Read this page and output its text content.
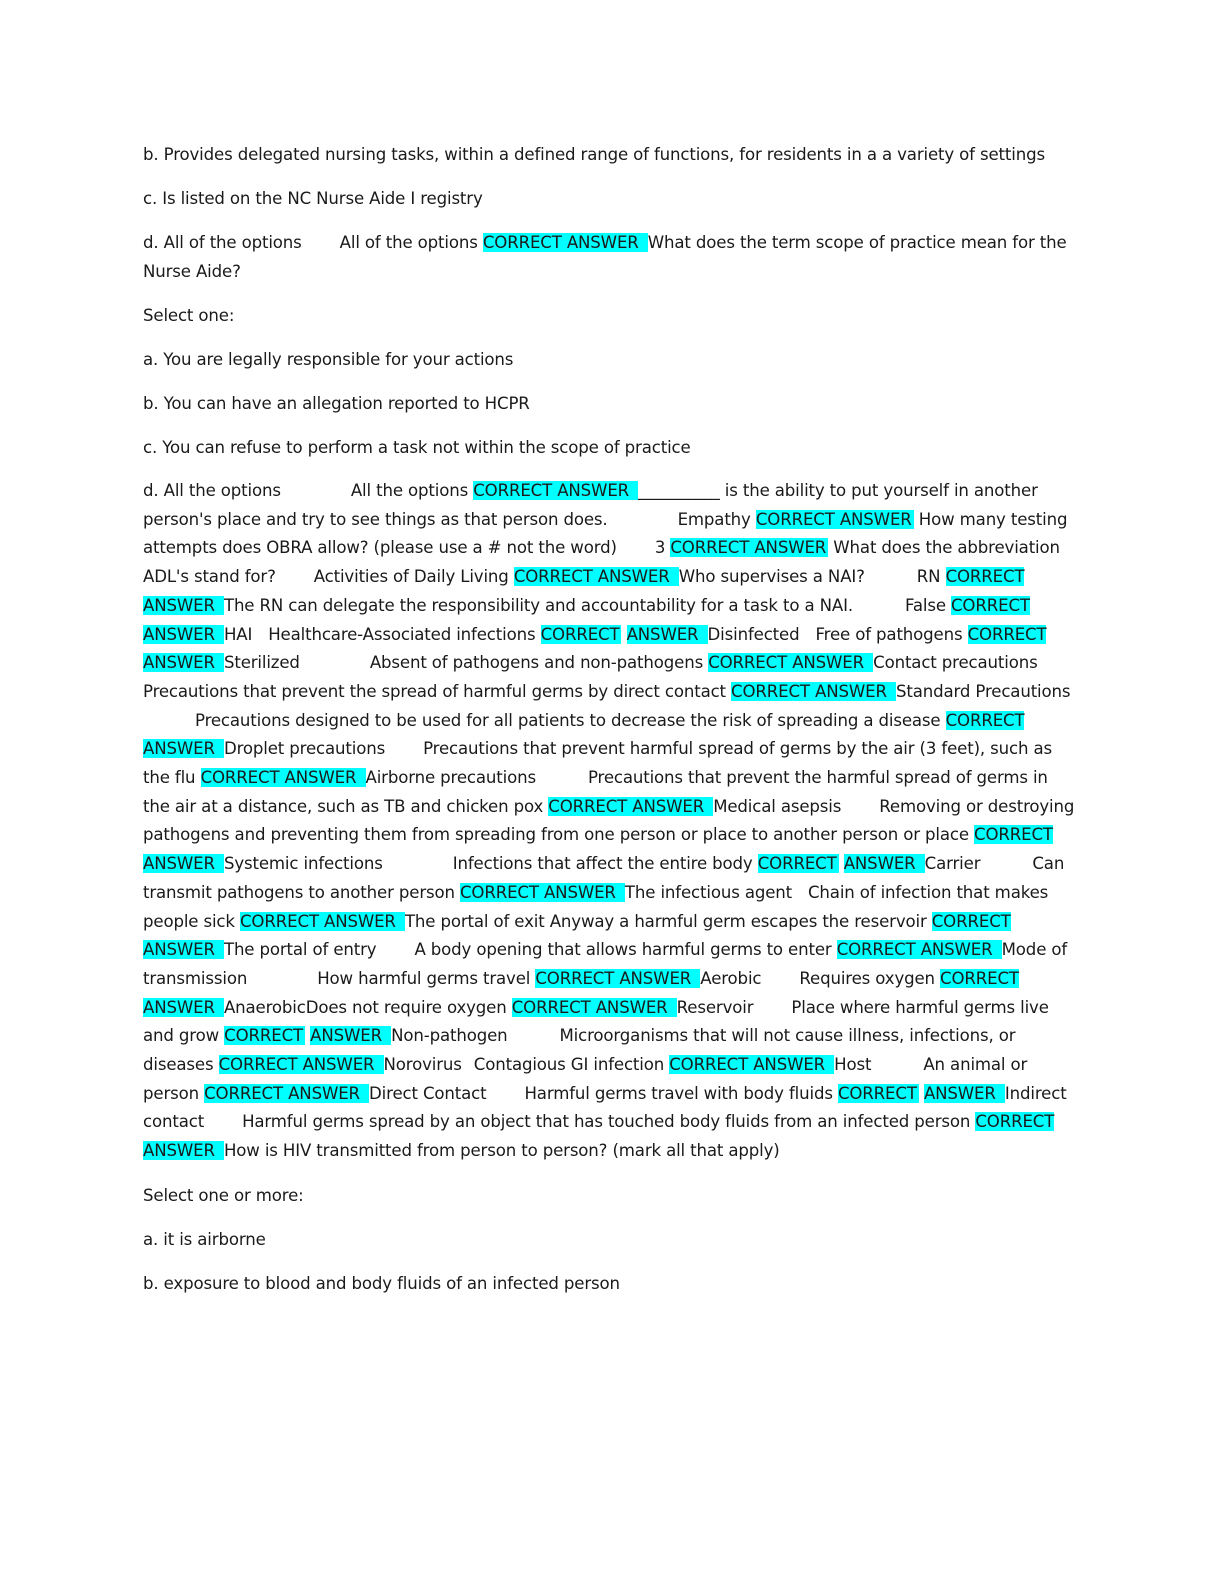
b. Provides delegated nursing tasks, within a defined range of functions, for residents in a a variety of settings

c. Is listed on the NC Nurse Aide I registry

d. All of the options All of the options CORRECT ANSWER What does the term scope of practice mean for the Nurse Aide?

Select one:

a. You are legally responsible for your actions

b. You can have an allegation reported to HCPR

c. You can refuse to perform a task not within the scope of practice

d. All the options	All the options CORRECT ANSWER __________ is the ability to put yourself in another person's place and try to see things as that person does.	Empathy CORRECT ANSWER How many testing attempts does OBRA allow? (please use a # not the word) 3 CORRECT ANSWER What does the abbreviation ADL's stand for? Activities of Daily Living CORRECT ANSWER Who supervises a NAI?	RN CORRECT ANSWER The RN can delegate the responsibility and accountability for a task to a NAI.	False CORRECT ANSWER HAI Healthcare-Associated infections CORRECT ANSWER Disinfected Free of pathogens CORRECT ANSWER Sterilized	Absent of pathogens and non-pathogens CORRECT ANSWER Contact precautionsPrecautions that prevent the spread of harmful germs by direct contact CORRECT ANSWER Standard PrecautionsPrecautions designed to be used for all patients to decrease the risk of spreading a disease CORRECT ANSWER Droplet precautions Precautions that prevent harmful spread of germs by the air (3 feet), such as the flu CORRECT ANSWER Airborne precautions	Precautions that prevent the harmful spread of germs in the air at a distance, such as TB and chicken pox CORRECT ANSWER Medical asepsis Removing or destroying pathogens and preventing them from spreading from one person or place to another person or place CORRECT ANSWER Systemic infections	Infections that affect the entire body CORRECT ANSWER Carrier	Can transmit pathogens to another person CORRECT ANSWER The infectious agent Chain of infection that makes people sick CORRECT ANSWER The portal of exit Anyway a harmful germ escapes the reservoir CORRECT ANSWER The portal of entry A body opening that allows harmful germs to enter CORRECT ANSWER Mode of transmission	How harmful germs travel CORRECT ANSWER Aerobic Requires oxygen CORRECT ANSWER AnaerobicDoes not require oxygen CORRECT ANSWER Reservoir Place where harmful germs live and grow CORRECT ANSWER Non-pathogen	Microorganisms that will not cause illness, infections, or diseases CORRECT ANSWER Norovirus Contagious GI infection CORRECT ANSWER Host	An animal or person CORRECT ANSWER Direct Contact Harmful germs travel with body fluids CORRECT ANSWER Indirect contact Harmful germs spread by an object that has touched body fluids from an infected person CORRECT ANSWER How is HIV transmitted from person to person? (mark all that apply)

Select one or more:

a. it is airborne

b. exposure to blood and body fluids of an infected person
